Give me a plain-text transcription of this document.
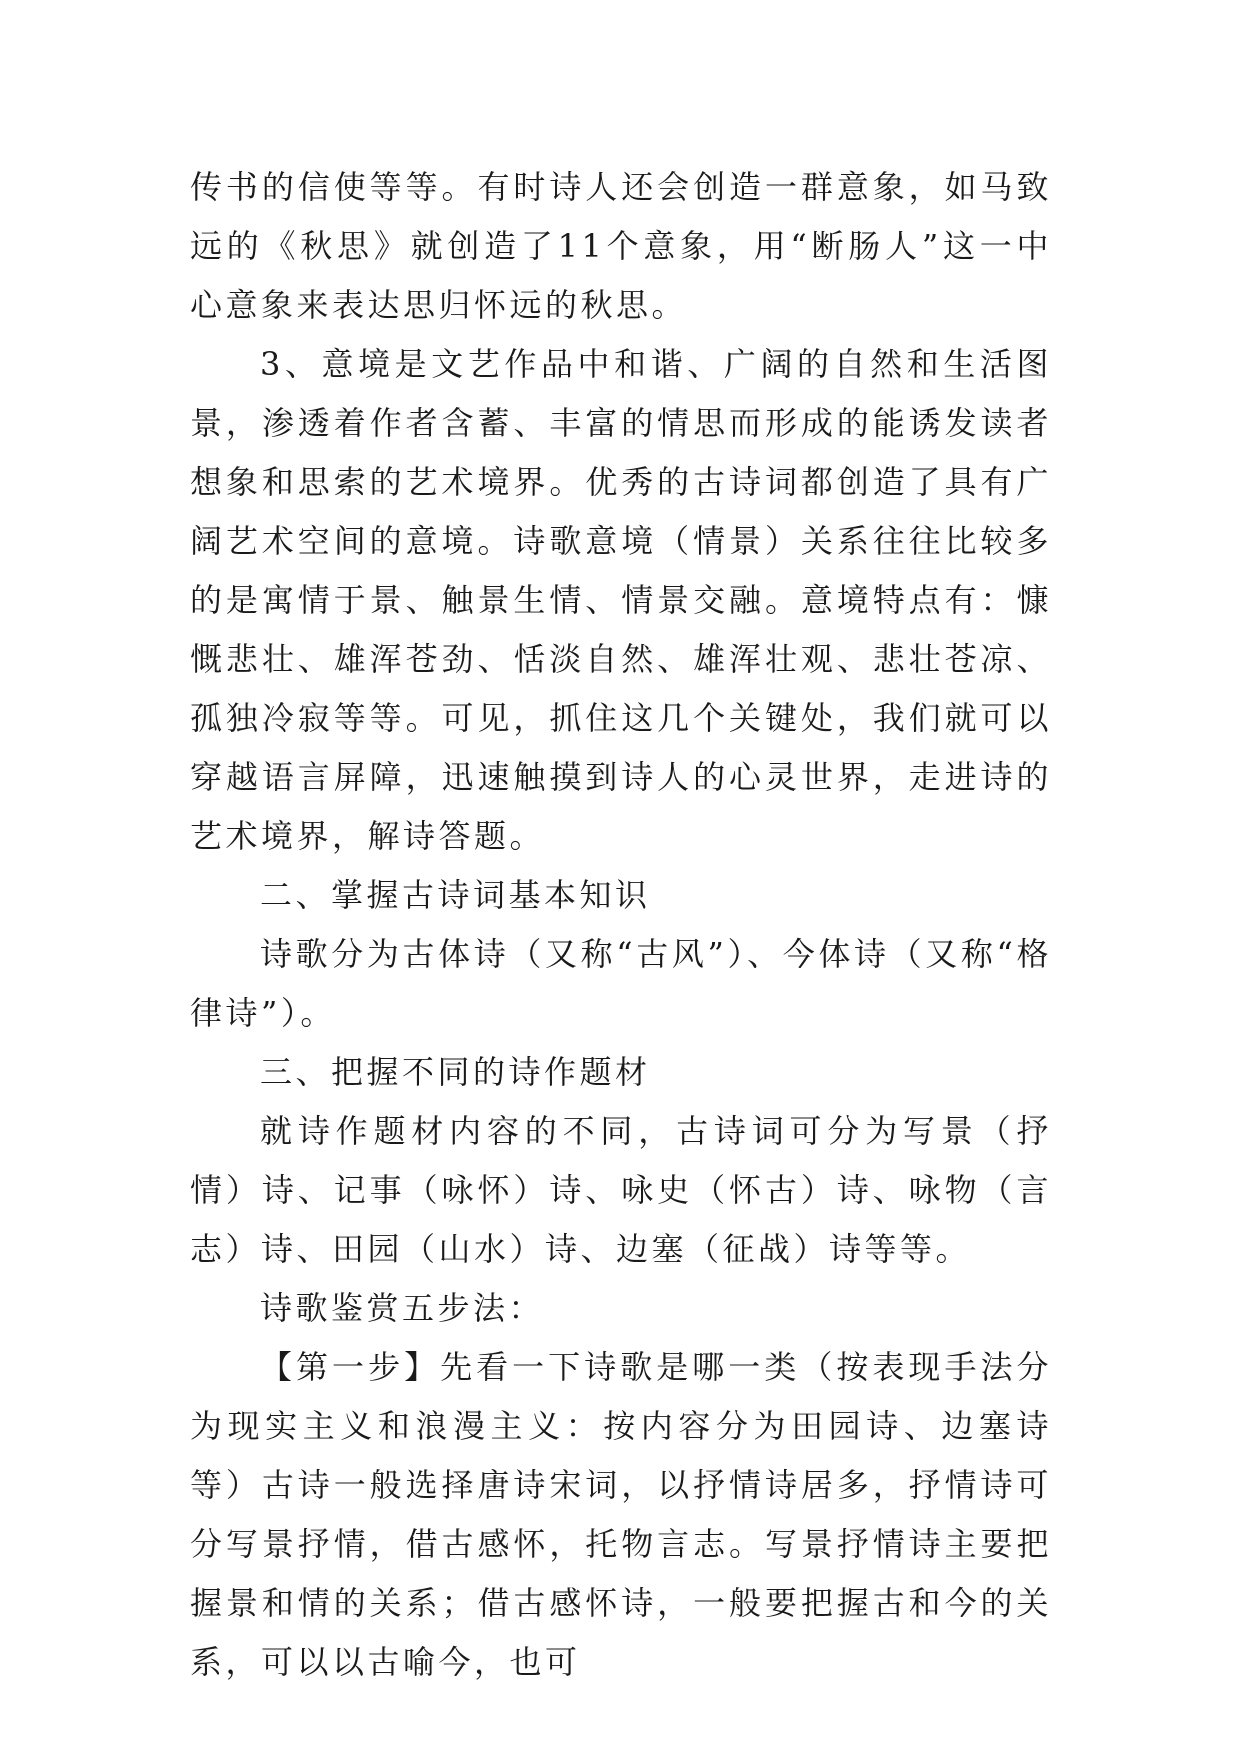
传书的信使等等。有时诗人还会创造一群意象，如马致远的《秋思》就创造了11个意象，用“断肠人”这一中心意象来表达思归怀远的秋思。

3、意境是文艺作品中和谐、广阔的自然和生活图景，渗透着作者含蓄、丰富的情思而形成的能诱发读者想象和思索的艺术境界。优秀的古诗词都创造了具有广阔艺术空间的意境。诗歌意境（情景）关系往往比较多的是寓情于景、触景生情、情景交融。意境特点有：慷慨悲壮、雄浑苍劲、恬淡自然、雄浑壮观、悲壮苍凉、孤独冷寂等等。可见，抓住这几个关键处，我们就可以穿越语言屏障，迅速触摸到诗人的心灵世界，走进诗的艺术境界，解诗答题。

二、掌握古诗词基本知识

诗歌分为古体诗（又称“古风”）、今体诗（又称“格律诗”）。

三、把握不同的诗作题材

就诗作题材内容的不同，古诗词可分为写景（抒情）诗、记事（咏怀）诗、咏史（怀古）诗、咏物（言志）诗、田园（山水）诗、边塞（征战）诗等等。

诗歌鉴赏五步法：

【第一步】先看一下诗歌是哪一类（按表现手法分为现实主义和浪漫主义：按内容分为田园诗、边塞诗等）古诗一般选择唐诗宋词，以抒情诗居多，抒情诗可分写景抒情，借古感怀，托物言志。写景抒情诗主要把握景和情的关系；借古感怀诗，一般要把握古和今的关系，可以以古喻今，也可
